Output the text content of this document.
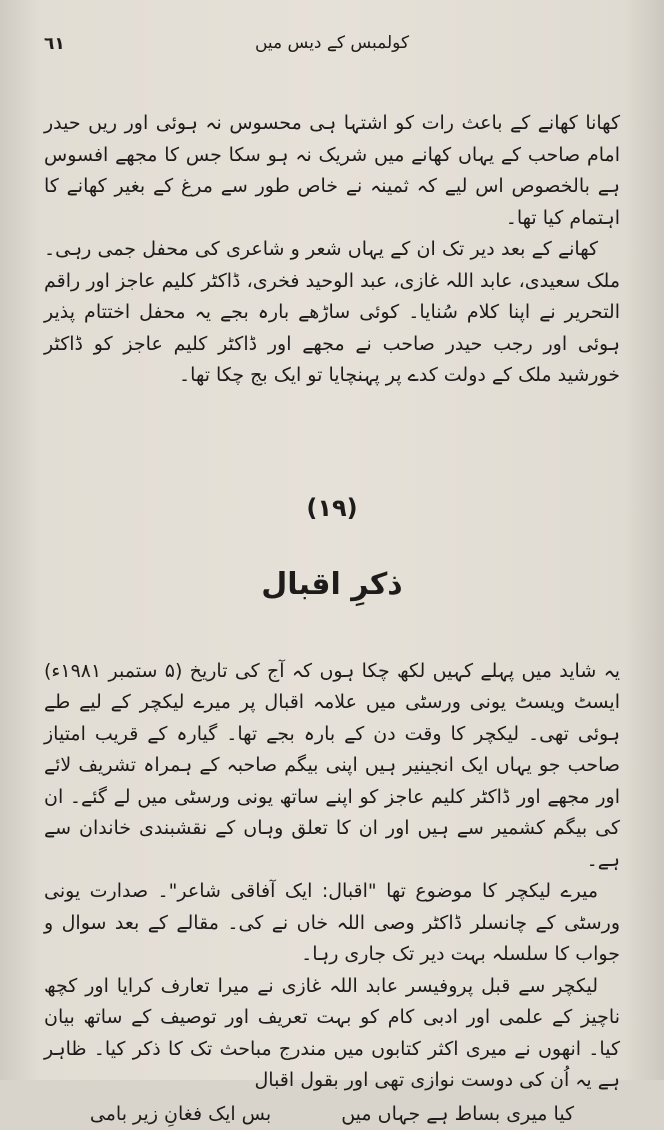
٦١	کولمبس کے دیس میں

کھانا کھانے کے باعث رات کو اشتہا ہی محسوس نہ ہوئی اور ریں حیدر امام صاحب کے یہاں کھانے میں شریک نہ ہو سکا جس کا مجھے افسوس ہے بالخصوص اس لیے کہ ثمینہ نے خاص طور سے مرغ کے بغیر کھانے کا اہتمام کیا تھا۔

کھانے کے بعد دیر تک ان کے یہاں شعر و شاعری کی محفل جمی رہی۔ ملک سعیدی، عابد اللہ غازی، عبد الوحید فخری، ڈاکٹر کلیم عاجز اور راقم التحریر نے اپنا کلام سُنایا۔ کوئی ساڑھے بارہ بجے یہ محفل اختتام پذیر ہوئی اور رجب حیدر صاحب نے مجھے اور ڈاکٹر کلیم عاجز کو ڈاکٹر خورشید ملک کے دولت کدے پر پہنچایا تو ایک بج چکا تھا۔

(۱۹)
ذکرِ اقبال

یہ شاید میں پہلے کہیں لکھ چکا ہوں کہ آج کی تاریخ (۵ ستمبر ۱۹۸۱ء) ایسٹ ویسٹ یونی ورسٹی میں علامہ اقبال پر میرے لیکچر کے لیے طے ہوئی تھی۔ لیکچر کا وقت دن کے بارہ بجے تھا۔ گیارہ کے قریب امتیاز صاحب جو یہاں ایک انجینیر ہیں اپنی بیگم صاحبہ کے ہمراہ تشریف لائے اور مجھے اور ڈاکٹر کلیم عاجز کو اپنے ساتھ یونی ورسٹی میں لے گئے۔ ان کی بیگم کشمیر سے ہیں اور ان کا تعلق وہاں کے نقشبندی خاندان سے ہے۔

میرے لیکچر کا موضوع تھا "اقبال: ایک آفاقی شاعر"۔ صدارت یونی ورسٹی کے چانسلر ڈاکٹر وصی اللہ خاں نے کی۔ مقالے کے بعد سوال و جواب کا سلسلہ بہت دیر تک جاری رہا۔

لیکچر سے قبل پروفیسر عابد اللہ غازی نے میرا تعارف کرایا اور کچھ ناچیز کے علمی اور ادبی کام کو بہت تعریف اور توصیف کے ساتھ بیان کیا۔ انھوں نے میری اکثر کتابوں میں مندرج مباحث تک کا ذکر کیا۔ ظاہر ہے یہ اُن کی دوست نوازی تھی اور بقول اقبال

کیا میری بساط ہے جہاں میں
بس ایک فغانِ زیر بامی
